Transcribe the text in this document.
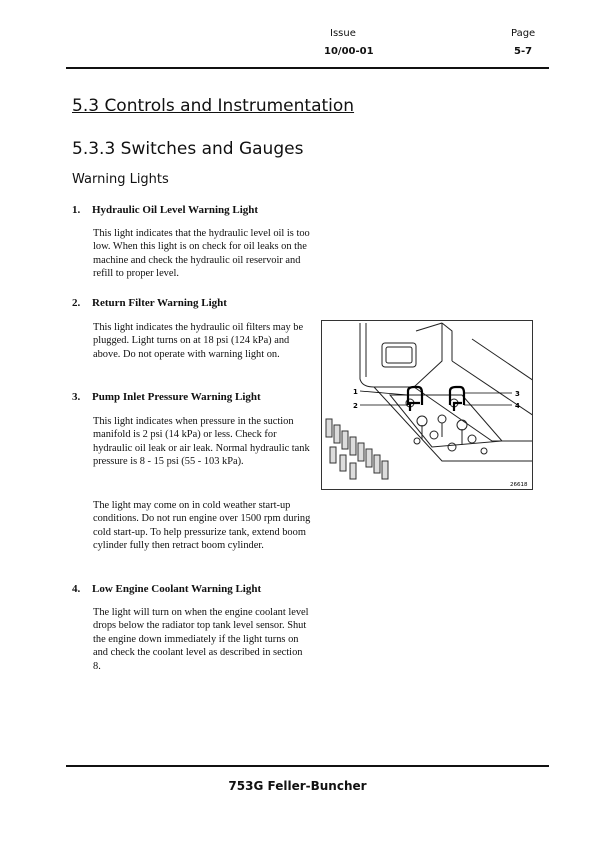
Issue
10/00-01
Page
5-7
5.3 Controls and Instrumentation
5.3.3 Switches and Gauges
Warning Lights
1. Hydraulic Oil Level Warning Light

This light indicates that the hydraulic level oil is too low. When this light is on check for oil leaks on the machine and check the hydraulic oil reservoir and refill to proper level.

2. Return Filter Warning Light

This light indicates the hydraulic oil filters may be plugged. Light turns on at 18 psi (124 kPa) and above. Do not operate with warning light on.

3. Pump Inlet Pressure Warning Light

This light indicates when pressure in the suction manifold is 2 psi (14 kPa) or less. Check for hydraulic oil leak or air leak. Normal hydraulic tank pressure is 8 - 15 psi (55 - 103 kPa).

The light may come on in cold weather start-up conditions. Do not run engine over 1500 rpm during cold start-up. To help pressurize tank, extend boom cylinder fully then retract boom cylinder.

4. Low Engine Coolant Warning Light

The light will turn on when the engine coolant level drops below the radiator top tank level sensor. Shut the engine down immediately if the light turns on and check the coolant level as described in section 8.

1
2
3
4
26618
753G Feller-Buncher
